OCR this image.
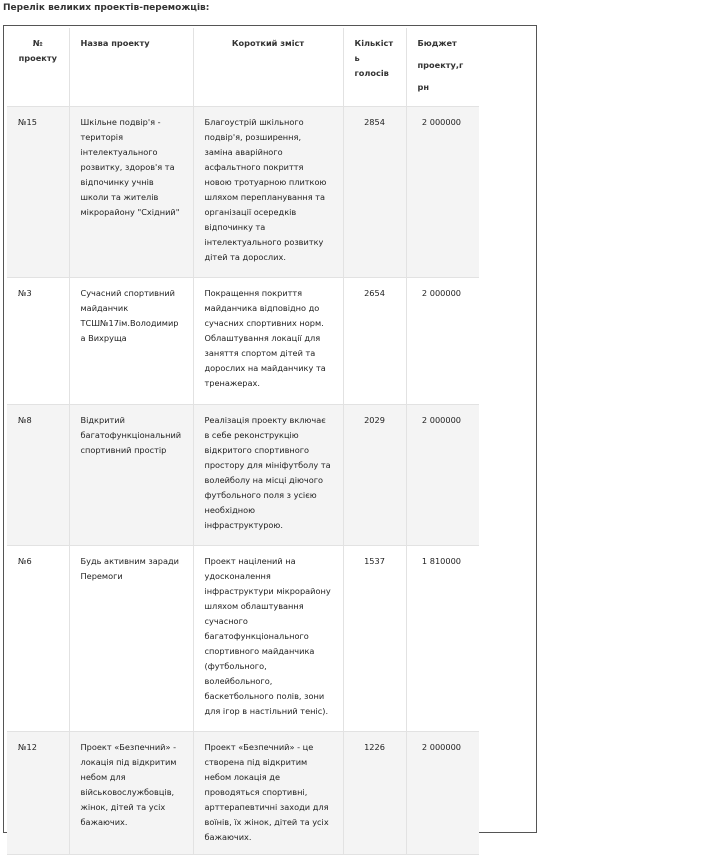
Перелік великих проектів-переможців:
№ проекту	Назва проекту	Короткий зміст	Кількість голосів	Бюджет проекту,грн
№15	Шкільне подвір'я - територія інтелектуального розвитку, здоров'я та відпочинку учнів школи та жителів мікрорайону "Східний"	Благоустрій шкільного подвір'я, розширення, заміна аварійного асфальтного покриття новою тротуарною плиткою шляхом перепланування та організації осередків відпочинку та інтелектуального розвитку дітей та дорослих.	2854	2 000000
№3	Сучасний спортивний майданчик ТСШ№17ім.Володимира Вихруща	Покращення покриття майданчика відповідно до сучасних спортивних норм. Облаштування локації для заняття спортом дітей та дорослих на майданчику та тренажерах.	2654	2 000000
№8	Відкритий багатофункціональний спортивний простір	Реалізація проекту включає в себе реконструкцію відкритого спортивного простору для мініфутболу та волейболу на місці діючого футбольного поля з усією необхідною інфраструктурою.	2029	2 000000
№6	Будь активним заради Перемоги	Проект націлений на удосконалення інфраструктури мікрорайону шляхом облаштування сучасного багатофункціонального спортивного майданчика (футбольного, волейбольного, баскетбольного полів, зони для ігор в настільний теніс).	1537	1 810000
№12	Проект «Безпечний» - локація під відкритим небом для військовослужбовців, жінок, дітей та усіх бажаючих.	Проект «Безпечний» - це створена під відкритим небом локація де проводяться спортивні, арттерапевтичні заходи для воїнів, їх жінок, дітей та усіх бажаючих.	1226	2 000000
